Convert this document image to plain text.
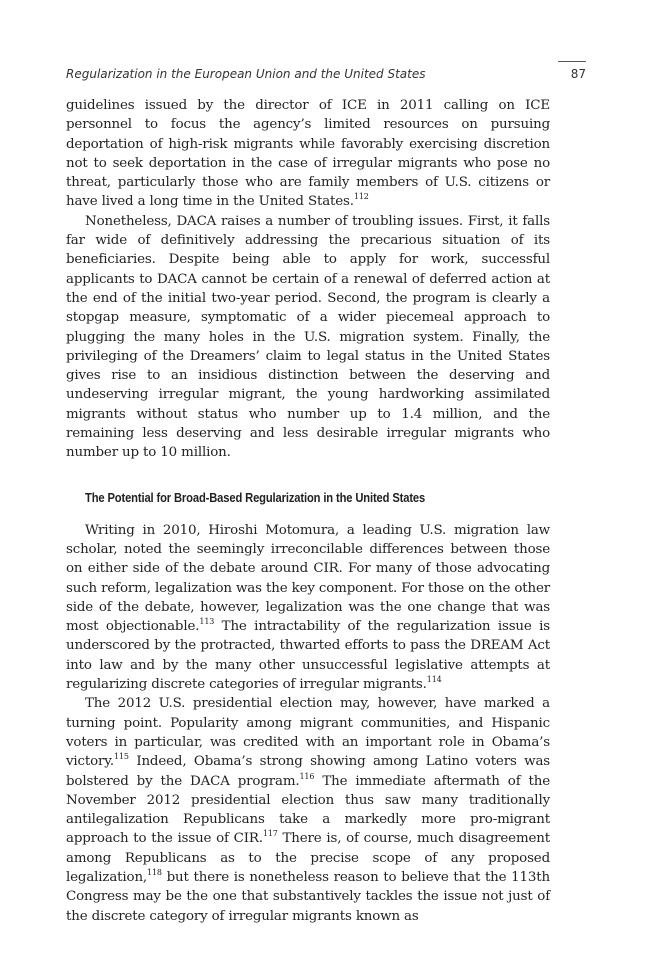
Regularization in the European Union and the United States	87

guidelines issued by the director of ICE in 2011 calling on ICE personnel to focus the agency’s limited resources on pursuing deportation of high-risk migrants while favorably exercising discretion not to seek deportation in the case of irregular migrants who pose no threat, particularly those who are family members of U.S. citizens or have lived a long time in the United States.$^{112}$

Nonetheless, DACA raises a number of troubling issues. First, it falls far wide of definitively addressing the precarious situation of its beneficiaries. Despite being able to apply for work, successful applicants to DACA cannot be certain of a renewal of deferred action at the end of the initial two-year period. Second, the program is clearly a stopgap measure, symptomatic of a wider piecemeal approach to plugging the many holes in the U.S. migration system. Finally, the privileging of the Dreamers’ claim to legal status in the United States gives rise to an insidious distinction between the deserving and undeserving irregular migrant, the young hardworking assimilated migrants without status who number up to 1.4 million, and the remaining less deserving and less desirable irregular migrants who number up to 10 million.

The Potential for Broad-Based Regularization in the United States

Writing in 2010, Hiroshi Motomura, a leading U.S. migration law scholar, noted the seemingly irreconcilable differences between those on either side of the debate around CIR. For many of those advocating such reform, legalization was the key component. For those on the other side of the debate, however, legalization was the one change that was most objectionable.$^{113}$ The intractability of the regularization issue is underscored by the protracted, thwarted efforts to pass the DREAM Act into law and by the many other unsuccessful legislative attempts at regularizing discrete categories of irregular migrants.$^{114}$

The 2012 U.S. presidential election may, however, have marked a turning point. Popularity among migrant communities, and Hispanic voters in particular, was credited with an important role in Obama’s victory.$^{115}$ Indeed, Obama’s strong showing among Latino voters was bolstered by the DACA program.$^{116}$ The immediate aftermath of the November 2012 presidential election thus saw many traditionally antilegalization Republicans take a markedly more pro-migrant approach to the issue of CIR.$^{117}$ There is, of course, much disagreement among Republicans as to the precise scope of any proposed legalization,$^{118}$ but there is nonetheless reason to believe that the 113th Congress may be the one that substantively tackles the issue not just of the discrete category of irregular migrants known as
